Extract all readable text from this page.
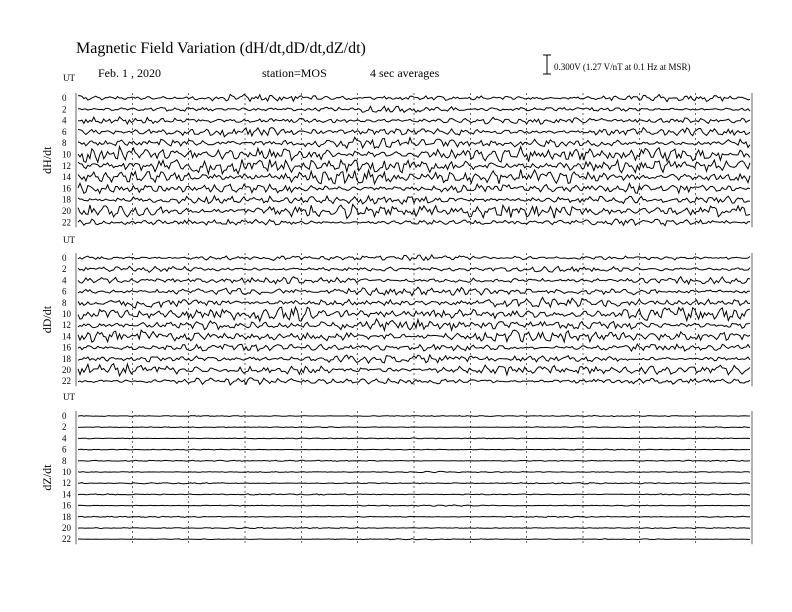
Magnetic Field Variation (dH/dt,dD/dt,dZ/dt)
Feb. 1 , 2020	station=MOS	4 sec averages	0.300V (1.27 V/nT at 0.1 Hz at MSR)
UT
dH/dt
0
2
4
6
8
10
12
14
16
18
20
22
UT
dD/dt
0
2
4
6
8
10
12
14
16
18
20
22
UT
dZ/dt
0
2
4
6
8
10
12
14
16
18
20
22
